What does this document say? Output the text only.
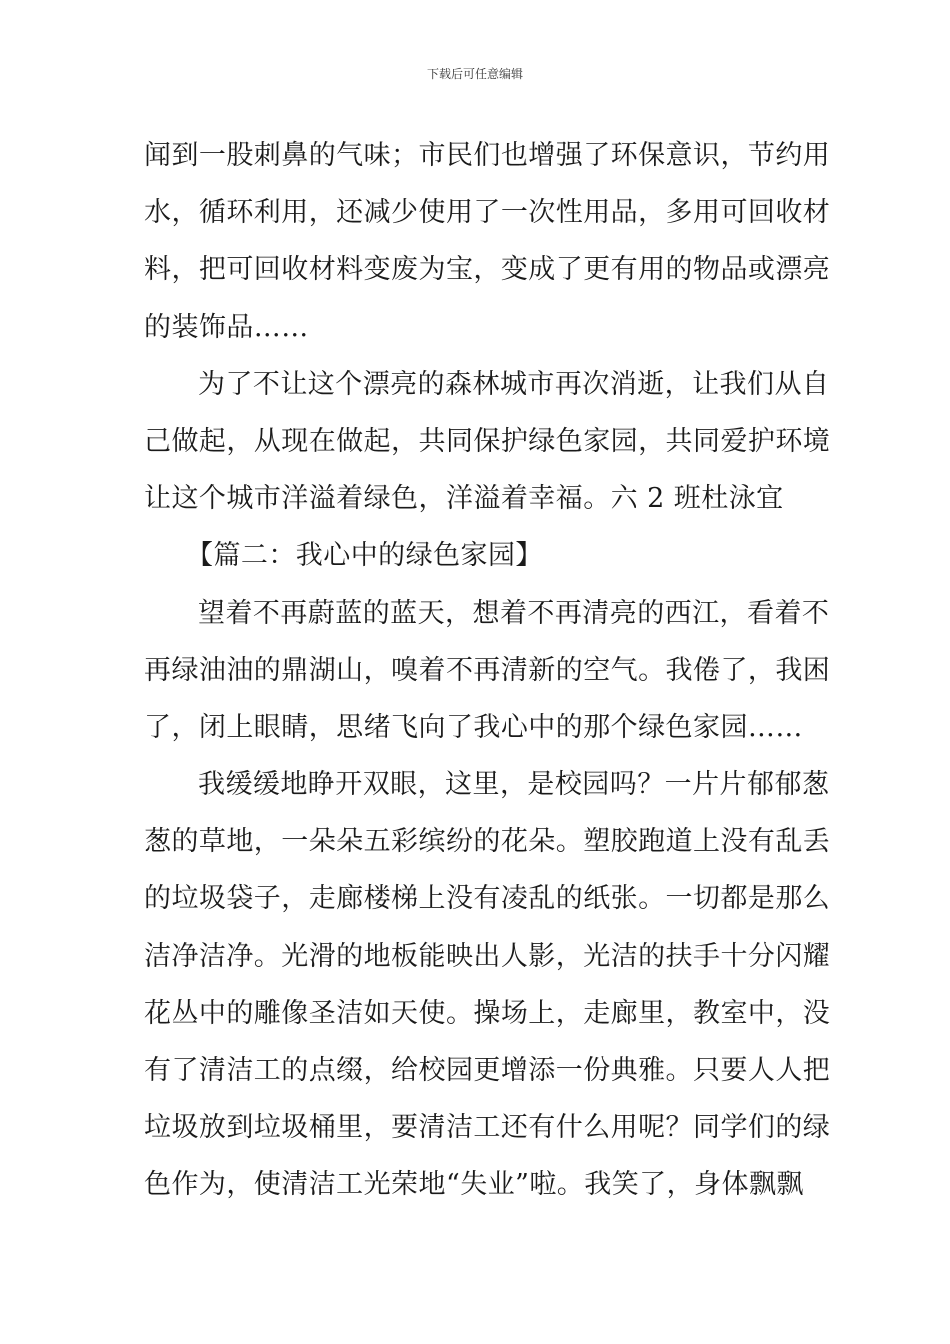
下载后可任意编辑
闻到一股刺鼻的气味；市民们也增强了环保意识，节约用
水，循环利用，还减少使用了一次性用品，多用可回收材
料，把可回收材料变废为宝，变成了更有用的物品或漂亮
的装饰品……
为了不让这个漂亮的森林城市再次消逝，让我们从自
己做起，从现在做起，共同保护绿色家园，共同爱护环境
让这个城市洋溢着绿色，洋溢着幸福。六 2 班杜泳宜
【篇二：我心中的绿色家园】
望着不再蔚蓝的蓝天，想着不再清亮的西江，看着不
再绿油油的鼎湖山，嗅着不再清新的空气。我倦了，我困
了，闭上眼睛，思绪飞向了我心中的那个绿色家园……
我缓缓地睁开双眼，这里，是校园吗？一片片郁郁葱
葱的草地，一朵朵五彩缤纷的花朵。塑胶跑道上没有乱丢
的垃圾袋子，走廊楼梯上没有凌乱的纸张。一切都是那么
洁净洁净。光滑的地板能映出人影，光洁的扶手十分闪耀
花丛中的雕像圣洁如天使。操场上，走廊里，教室中，没
有了清洁工的点缀，给校园更增添一份典雅。只要人人把
垃圾放到垃圾桶里，要清洁工还有什么用呢？同学们的绿
色作为，使清洁工光荣地“失业”啦。我笑了，身体飘飘
